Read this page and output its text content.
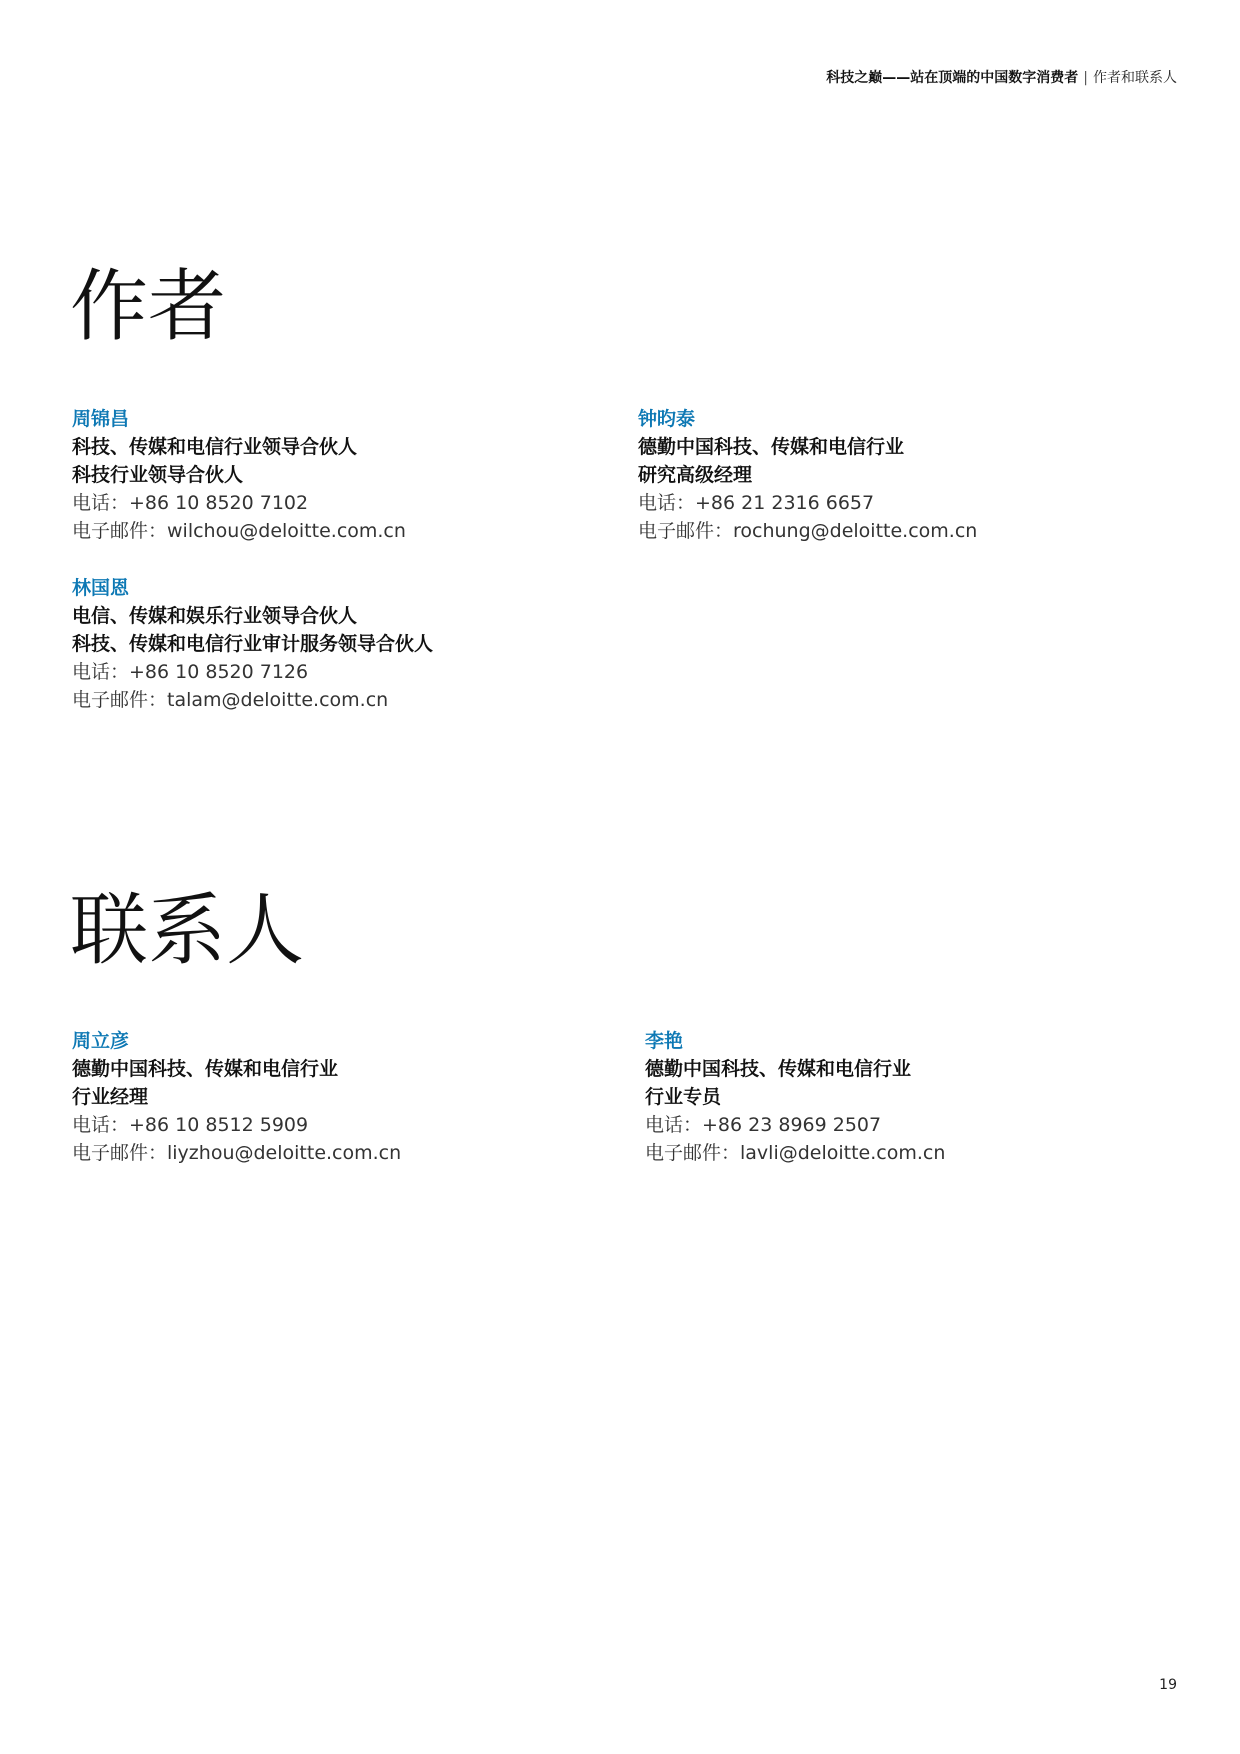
科技之巅——站在顶端的中国数字消费者 | 作者和联系人
作者
周锦昌
科技、传媒和电信行业领导合伙人
科技行业领导合伙人
电话：+86 10 8520 7102
电子邮件：wilchou@deloitte.com.cn
钟昀泰
德勤中国科技、传媒和电信行业
研究高级经理
电话：+86 21 2316 6657
电子邮件：rochung@deloitte.com.cn
林国恩
电信、传媒和娱乐行业领导合伙人
科技、传媒和电信行业审计服务领导合伙人
电话：+86 10 8520 7126
电子邮件：talam@deloitte.com.cn
联系人
周立彦
德勤中国科技、传媒和电信行业
行业经理
电话：+86 10 8512 5909
电子邮件：liyzhou@deloitte.com.cn
李艳
德勤中国科技、传媒和电信行业
行业专员
电话：+86 23 8969 2507
电子邮件：lavli@deloitte.com.cn
19
